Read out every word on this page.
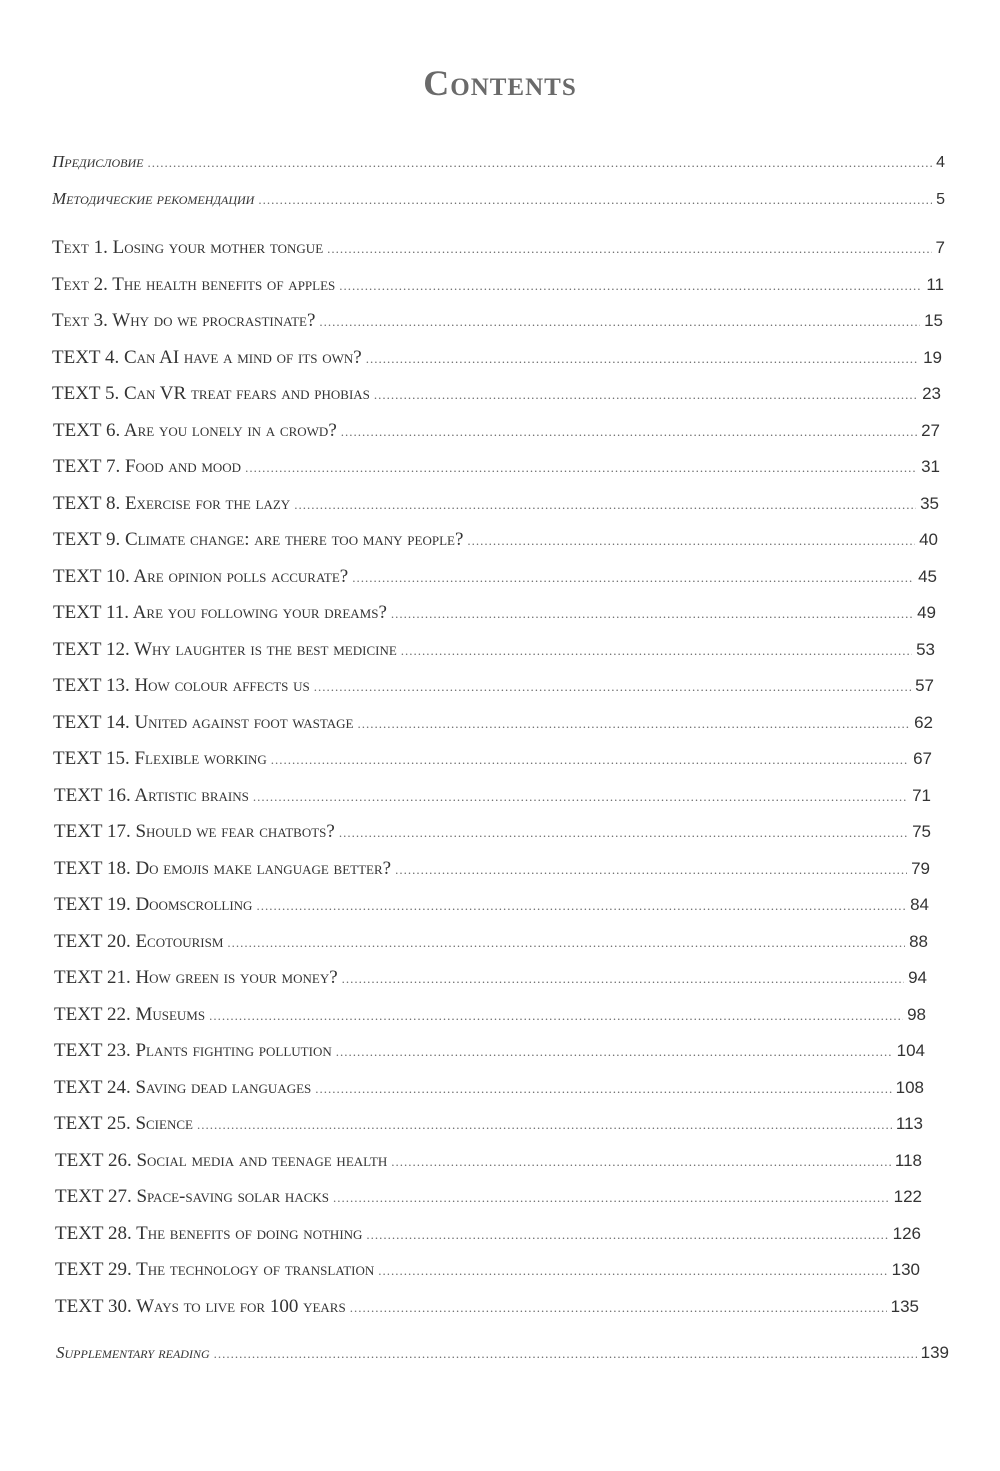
Contents
Предисловие .....	4
Методические рекомендации .....	5
Text 1. Losing your mother tongue .....	7
Text 2. The health benefits of apples .....	11
Text 3. Why do we procrastinate? .....	15
TEXT 4. Can AI have a mind of its own? .....	19
TEXT 5. Can VR treat fears and phobias .....	23
TEXT 6. Are you lonely in a crowd? .....	27
TEXT 7. Food and mood .....	31
TEXT 8. Exercise for the lazy .....	35
TEXT 9. Climate change: are there too many people? .....	40
TEXT 10. Are opinion polls accurate? .....	45
TEXT 11. Are you following your dreams? .....	49
TEXT 12. Why laughter is the best medicine .....	53
TEXT 13. How colour affects us .....	57
TEXT 14. United against foot wastage .....	62
TEXT 15. Flexible working .....	67
TEXT 16. Artistic brains .....	71
TEXT 17. Should we fear chatbots? .....	75
TEXT 18. Do emojis make language better? .....	79
TEXT 19. Doomscrolling .....	84
TEXT 20. Ecotourism .....	88
TEXT 21. How green is your money? .....	94
TEXT 22. Museums .....	98
TEXT 23. Plants fighting pollution .....	104
TEXT 24. Saving dead languages .....	108
TEXT 25. Science .....	113
TEXT 26. Social media and teenage health .....	118
TEXT 27. Space-saving solar hacks .....	122
TEXT 28. The benefits of doing nothing .....	126
TEXT 29. The technology of translation .....	130
TEXT 30. Ways to live for 100 years .....	135
Supplementary reading .....	139
